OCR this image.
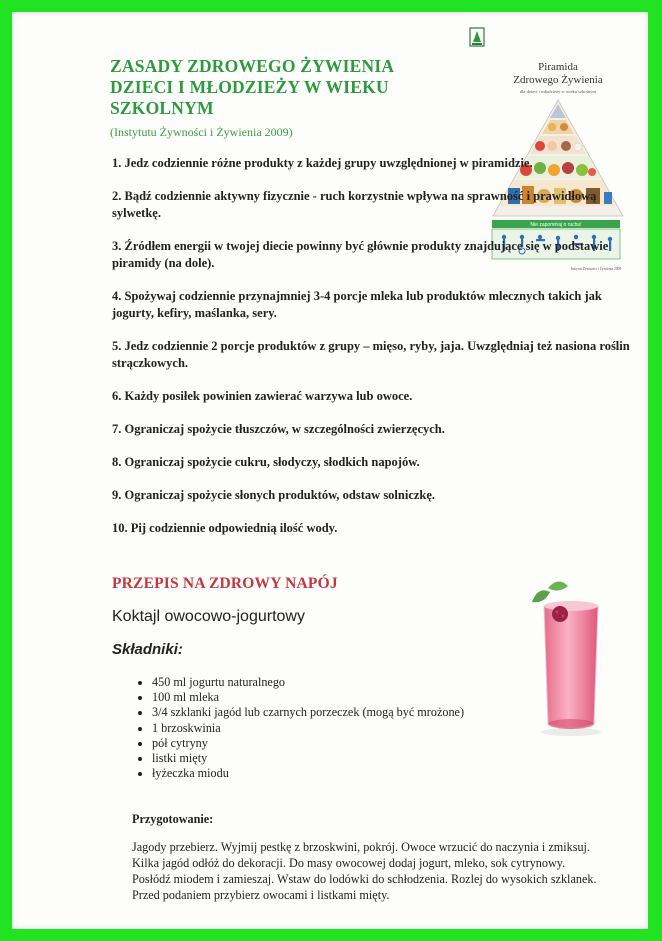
ZASADY ZDROWEGO ŻYWIENIA DZIECI I MŁODZIEŻY W WIEKU SZKOLNYM
(Instytutu Żywności i Żywienia 2009)
Piramida
Zdrowego Żywienia
dla dzieci i młodzieży w wieku szkolnym
Nie zapominaj o ruchu!
Instytut Żywności i Żywienia 2009
1. Jedz codziennie różne produkty z każdej grupy uwzględnionej w piramidzie.
2. Bądź codziennie aktywny fizycznie - ruch korzystnie wpływa na sprawność i prawidłową sylwetkę.
3. Źródłem energii w twojej diecie powinny być głównie produkty znajdujące się w podstawie piramidy (na dole).
4. Spożywaj codziennie przynajmniej 3-4 porcje mleka lub produktów mlecznych takich jak jogurty, kefiry, maślanka, sery.
5. Jedz codziennie 2 porcje produktów z grupy – mięso, ryby, jaja. Uwzględniaj też nasiona roślin strączkowych.
6. Każdy posiłek powinien zawierać warzywa lub owoce.
7. Ograniczaj spożycie tłuszczów, w szczególności zwierzęcych.
8. Ograniczaj spożycie cukru, słodyczy, słodkich napojów.
9. Ograniczaj spożycie słonych produktów, odstaw solniczkę.
10. Pij codziennie odpowiednią ilość wody.
PRZEPIS NA ZDROWY NAPÓJ
Koktajl owocowo-jogurtowy
Składniki:
• 450 ml jogurtu naturalnego
• 100 ml mleka
• 3/4 szklanki jagód lub czarnych porzeczek (mogą być mrożone)
• 1 brzoskwinia
• pół cytryny
• listki mięty
• łyżeczka miodu
Przygotowanie:

Jagody przebierz. Wyjmij pestkę z brzoskwini, pokrój. Owoce wrzucić do naczynia i zmiksuj. Kilka jagód odłóż do dekoracji. Do masy owocowej dodaj jogurt, mleko, sok cytrynowy. Posłódź miodem i zamieszaj. Wstaw do lodówki do schłodzenia. Rozlej do wysokich szklanek. Przed podaniem przybierz owocami i listkami mięty.
